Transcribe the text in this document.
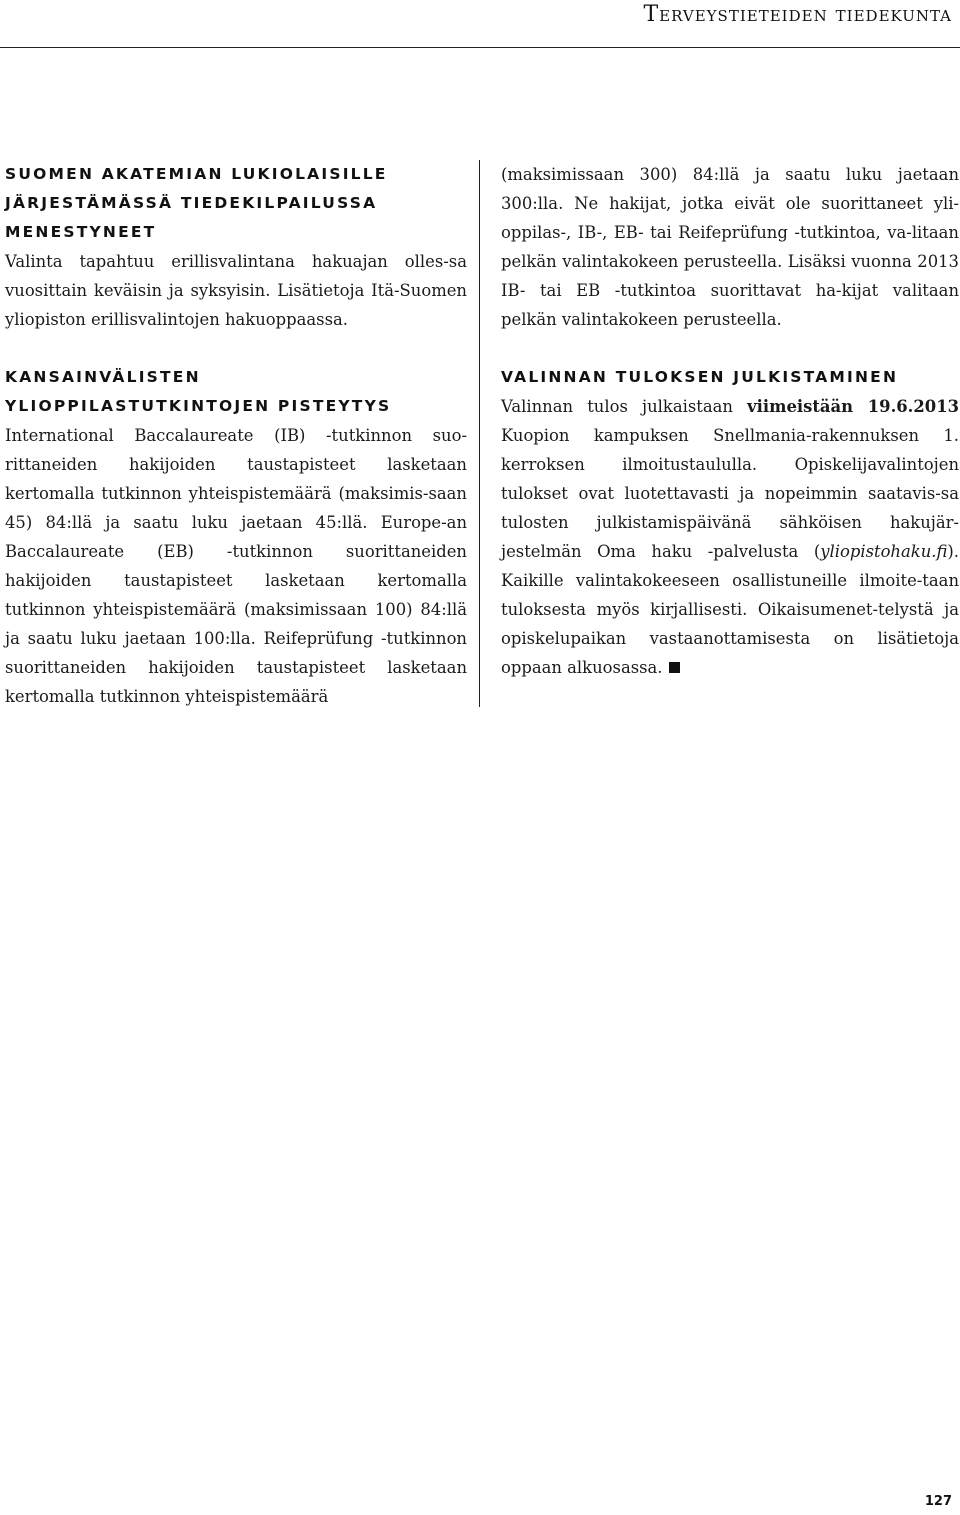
Terveystieteiden tiedekunta

SUOMEN AKATEMIAN LUKIOLAISILLE

JÄRJESTÄMÄSSÄ TIEDEKILPAILUSSA

MENESTYNEET

Valinta tapahtuu erillisvalintana hakuajan olles-sa vuosittain keväisin ja syksyisin. Lisätietoja Itä-Suomen yliopiston erillisvalintojen hakuoppaassa.

KANSAINVÄLISTEN

YLIOPPILASTUTKINTOJEN PISTEYTYS

International Baccalaureate (IB) -tutkinnon suo-rittaneiden hakijoiden taustapisteet lasketaan kertomalla tutkinnon yhteispistemäärä (maksimis-saan 45) 84:llä ja saatu luku jaetaan 45:llä. Europe-an Baccalaureate (EB) -tutkinnon suorittaneiden hakijoiden taustapisteet lasketaan kertomalla tutkinnon yhteispistemäärä (maksimissaan 100) 84:llä ja saatu luku jaetaan 100:lla. Reifeprüfung -tutkinnon suorittaneiden hakijoiden taustapisteet lasketaan kertomalla tutkinnon yhteispistemäärä

(maksimissaan 300) 84:llä ja saatu luku jaetaan 300:lla. Ne hakijat, jotka eivät ole suorittaneet yli-oppilas-, IB-, EB- tai Reifeprüfung -tutkintoa, va-litaan pelkän valintakokeen perusteella. Lisäksi vuonna 2013 IB- tai EB -tutkintoa suorittavat ha-kijat valitaan pelkän valintakokeen perusteella.

VALINNAN TULOKSEN JULKISTAMINEN

Valinnan tulos julkaistaan viimeistään 19.6.2013 Kuopion kampuksen Snellmania-rakennuksen 1. kerroksen ilmoitustaululla. Opiskelijavalintojen tulokset ovat luotettavasti ja nopeimmin saatavis-sa tulosten julkistamispäivänä sähköisen hakujär-jestelmän Oma haku -palvelusta (yliopistohaku.fi). Kaikille valintakokeeseen osallistuneille ilmoite-taan tuloksesta myös kirjallisesti. Oikaisumenet-telystä ja opiskelupaikan vastaanottamisesta on lisätietoja oppaan alkuosassa.

127
